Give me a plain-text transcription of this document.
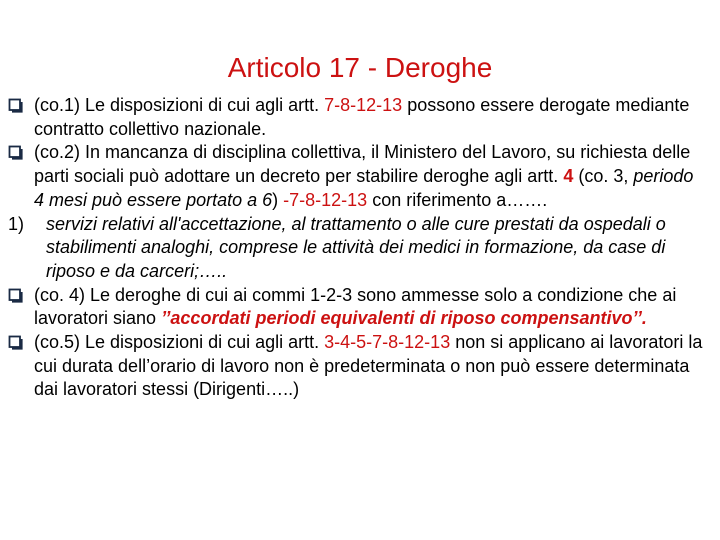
Articolo 17 - Deroghe
(co.1) Le disposizioni di cui agli artt. 7-8-12-13 possono essere derogate mediante contratto collettivo nazionale.
(co.2) In mancanza di disciplina collettiva, il Ministero del Lavoro, su richiesta delle parti sociali può adottare un decreto per stabilire deroghe agli artt. 4 (co. 3, periodo 4 mesi può essere portato a 6) -7-8-12-13 con riferimento a…….
1) servizi relativi all'accettazione, al trattamento o alle cure prestati da ospedali o stabilimenti analoghi, comprese le attività dei medici in formazione, da case di riposo e da carceri;…..
(co. 4) Le deroghe di cui ai commi 1-2-3 sono ammesse solo a condizione che ai lavoratori siano ’’accordati periodi equivalenti di riposo compensantivo’’.
(co.5) Le disposizioni di cui agli artt. 3-4-5-7-8-12-13 non si applicano ai lavoratori la cui durata dell’orario di lavoro non è predeterminata o non può essere determinata dai lavoratori stessi (Dirigenti…..)
